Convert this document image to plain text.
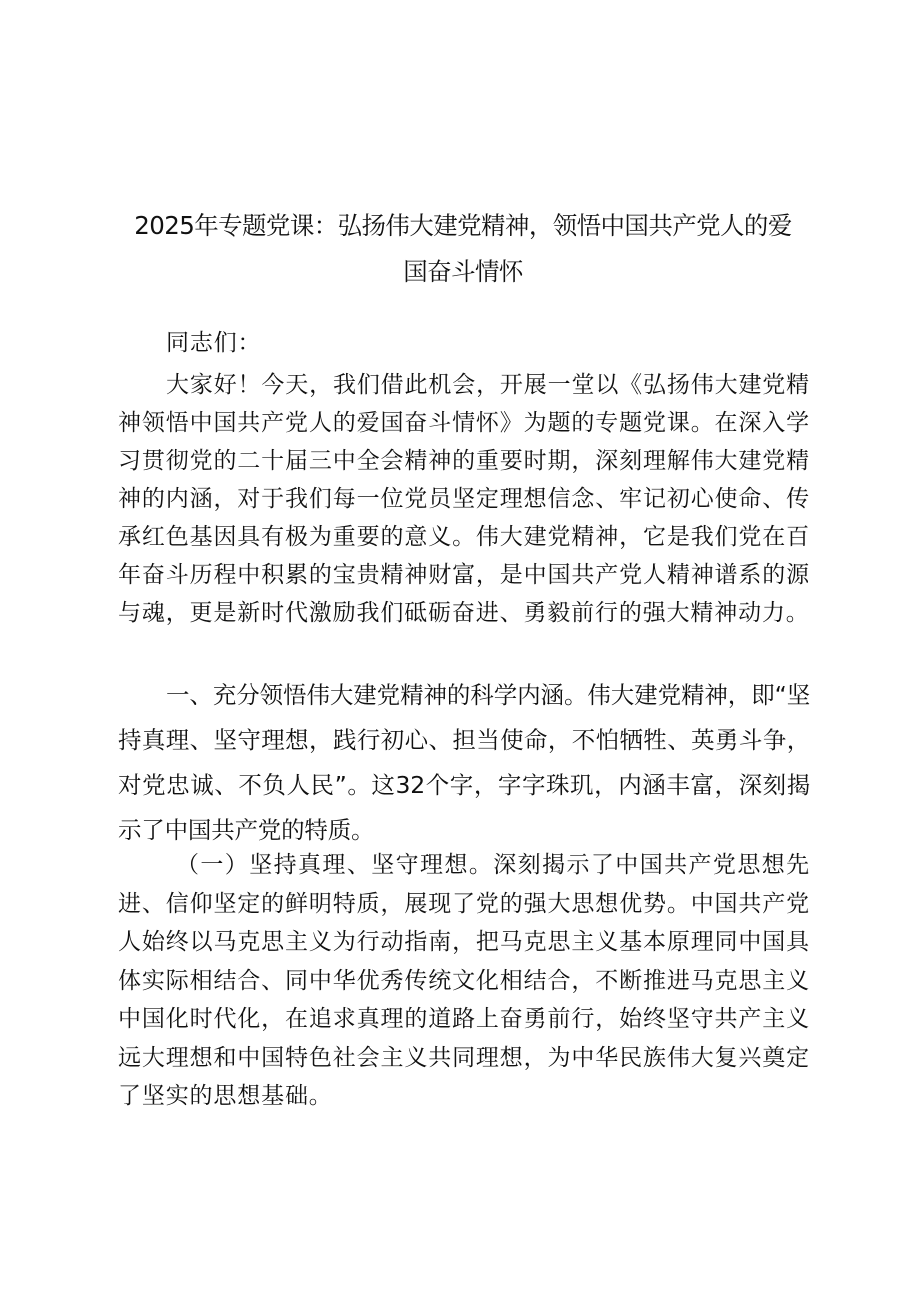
2025年专题党课：弘扬伟大建党精神，领悟中国共产党人的爱
国奋斗情怀

同志们：

大家好！今天，我们借此机会，开展一堂以《弘扬伟大建党精神领悟中国共产党人的爱国奋斗情怀》为题的专题党课。在深入学习贯彻党的二十届三中全会精神的重要时期，深刻理解伟大建党精神的内涵，对于我们每一位党员坚定理想信念、牢记初心使命、传承红色基因具有极为重要的意义。伟大建党精神，它是我们党在百年奋斗历程中积累的宝贵精神财富，是中国共产党人精神谱系的源与魂，更是新时代激励我们砥砺奋进、勇毅前行的强大精神动力。

一、充分领悟伟大建党精神的科学内涵。伟大建党精神，即“坚持真理、坚守理想，践行初心、担当使命，不怕牺牲、英勇斗争，对党忠诚、不负人民”。这32个字，字字珠玑，内涵丰富，深刻揭示了中国共产党的特质。

（一）坚持真理、坚守理想。深刻揭示了中国共产党思想先进、信仰坚定的鲜明特质，展现了党的强大思想优势。中国共产党人始终以马克思主义为行动指南，把马克思主义基本原理同中国具体实际相结合、同中华优秀传统文化相结合，不断推进马克思主义中国化时代化，在追求真理的道路上奋勇前行，始终坚守共产主义远大理想和中国特色社会主义共同理想，为中华民族伟大复兴奠定了坚实的思想基础。
